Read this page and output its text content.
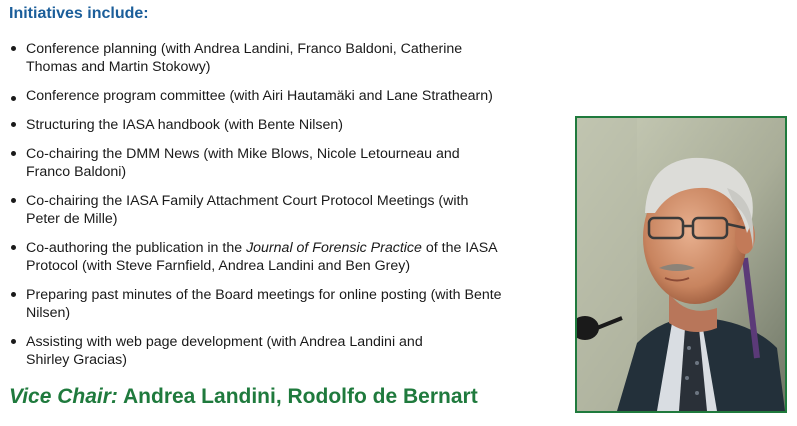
Initiatives include:
Conference planning (with Andrea Landini, Franco Baldoni, Catherine
Thomas and Martin Stokowy)
Conference program committee (with Airi Hautamäki and Lane Strathearn)
Structuring the IASA handbook (with Bente Nilsen)
Co-chairing the DMM News (with Mike Blows, Nicole Letourneau and
Franco Baldoni)
Co-chairing the IASA Family Attachment Court Protocol Meetings (with
Peter de Mille)
Co-authoring the publication in the Journal of Forensic Practice of the IASA
Protocol (with Steve Farnfield, Andrea Landini and Ben Grey)
Preparing past minutes of the Board meetings for online posting (with Bente
Nilsen)
Assisting with web page development (with Andrea Landini and
Shirley Gracias)

Vice Chair: Andrea Landini, Rodolfo de Bernart
